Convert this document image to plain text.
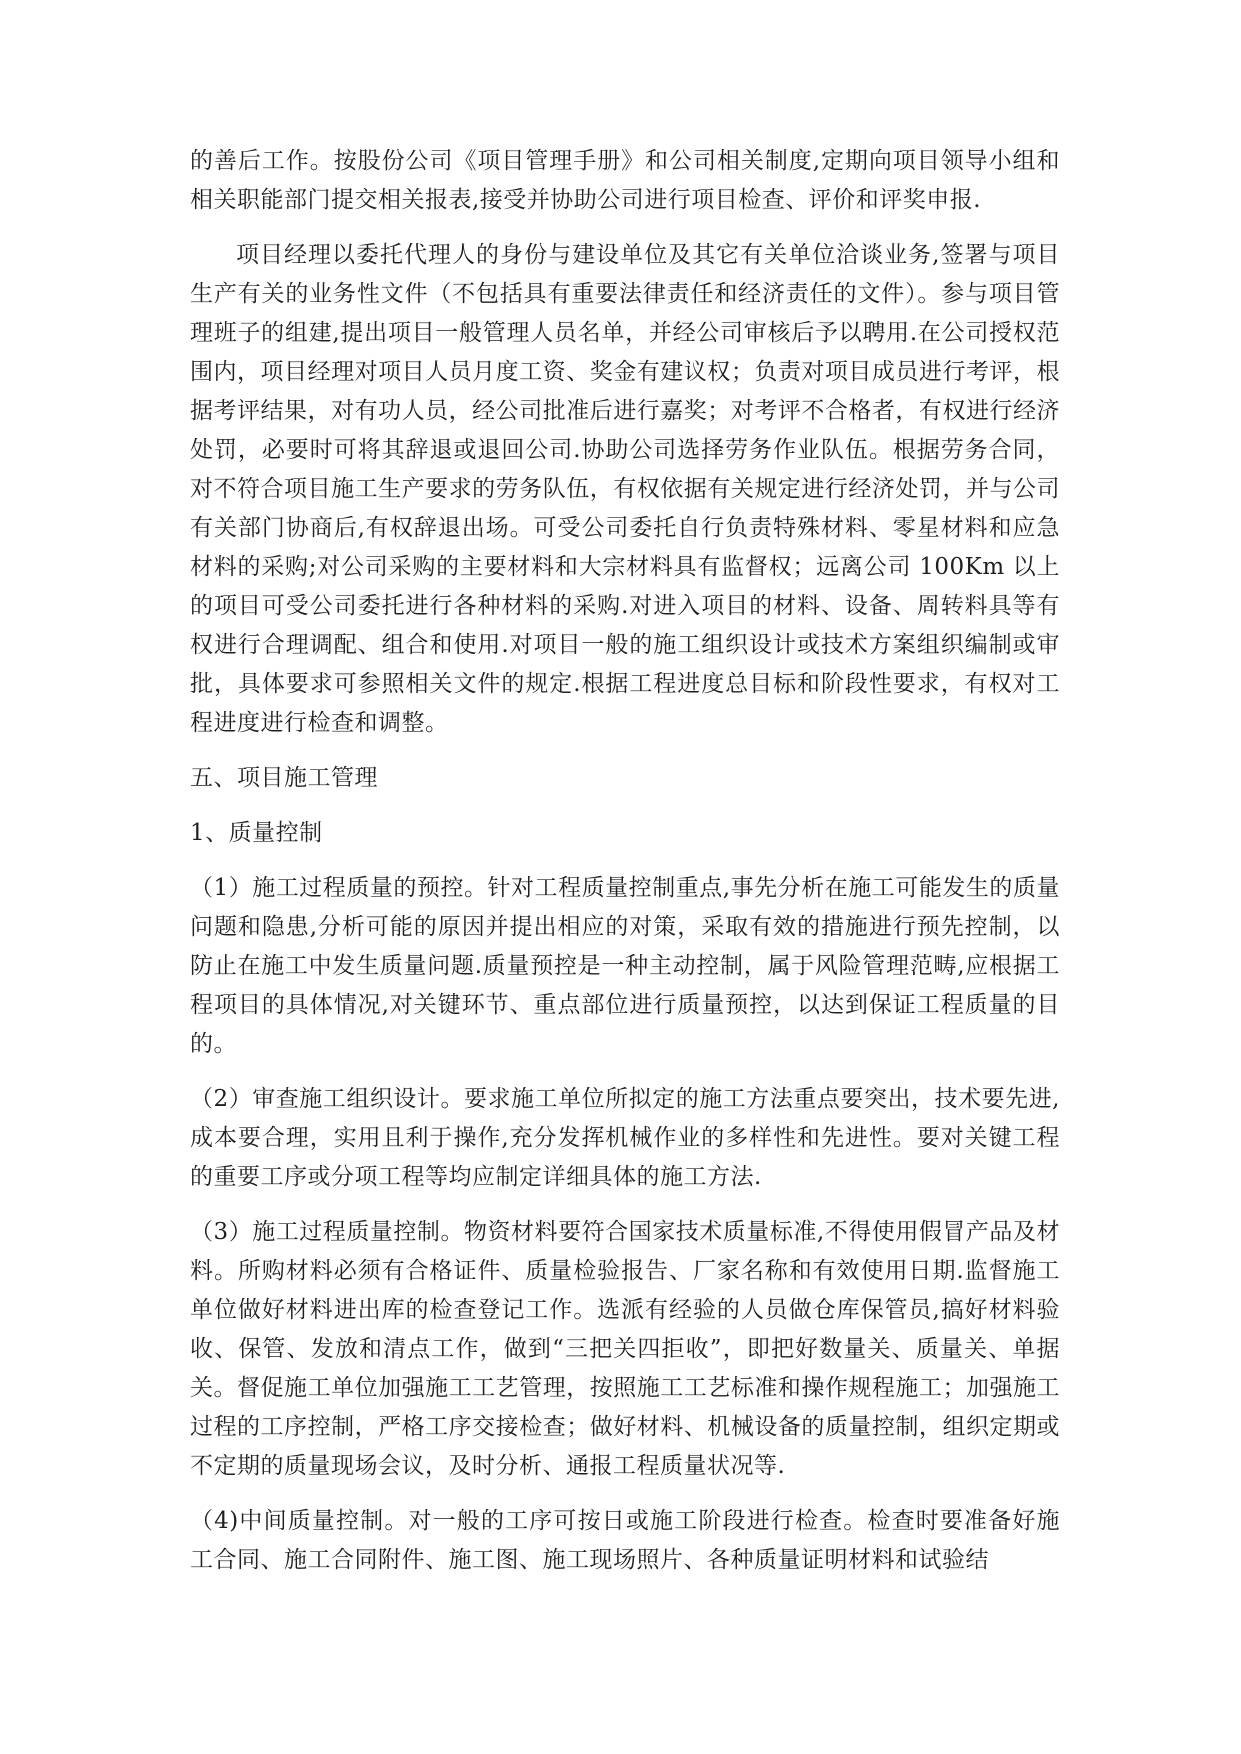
的善后工作。按股份公司《项目管理手册》和公司相关制度,定期向项目领导小组和相关职能部门提交相关报表,接受并协助公司进行项目检查、评价和评奖申报.

项目经理以委托代理人的身份与建设单位及其它有关单位洽谈业务,签署与项目生产有关的业务性文件（不包括具有重要法律责任和经济责任的文件）。参与项目管理班子的组建,提出项目一般管理人员名单，并经公司审核后予以聘用.在公司授权范围内，项目经理对项目人员月度工资、奖金有建议权；负责对项目成员进行考评，根据考评结果，对有功人员，经公司批准后进行嘉奖；对考评不合格者，有权进行经济处罚，必要时可将其辞退或退回公司.协助公司选择劳务作业队伍。根据劳务合同，对不符合项目施工生产要求的劳务队伍，有权依据有关规定进行经济处罚，并与公司有关部门协商后,有权辞退出场。可受公司委托自行负责特殊材料、零星材料和应急材料的采购;对公司采购的主要材料和大宗材料具有监督权；远离公司 100Km 以上的项目可受公司委托进行各种材料的采购.对进入项目的材料、设备、周转料具等有权进行合理调配、组合和使用.对项目一般的施工组织设计或技术方案组织编制或审批，具体要求可参照相关文件的规定.根据工程进度总目标和阶段性要求，有权对工程进度进行检查和调整。

五、项目施工管理

1、质量控制

（1）施工过程质量的预控。针对工程质量控制重点,事先分析在施工可能发生的质量问题和隐患,分析可能的原因并提出相应的对策，采取有效的措施进行预先控制，以防止在施工中发生质量问题.质量预控是一种主动控制，属于风险管理范畴,应根据工程项目的具体情况,对关键环节、重点部位进行质量预控，以达到保证工程质量的目的。

（2）审查施工组织设计。要求施工单位所拟定的施工方法重点要突出，技术要先进,成本要合理，实用且利于操作,充分发挥机械作业的多样性和先进性。要对关键工程的重要工序或分项工程等均应制定详细具体的施工方法.

（3）施工过程质量控制。物资材料要符合国家技术质量标准,不得使用假冒产品及材料。所购材料必须有合格证件、质量检验报告、厂家名称和有效使用日期.监督施工单位做好材料进出库的检查登记工作。选派有经验的人员做仓库保管员,搞好材料验收、保管、发放和清点工作，做到“三把关四拒收”，即把好数量关、质量关、单据关。督促施工单位加强施工工艺管理，按照施工工艺标准和操作规程施工；加强施工过程的工序控制，严格工序交接检查；做好材料、机械设备的质量控制，组织定期或不定期的质量现场会议，及时分析、通报工程质量状况等.

（4)中间质量控制。对一般的工序可按日或施工阶段进行检查。检查时要准备好施工合同、施工合同附件、施工图、施工现场照片、各种质量证明材料和试验结
